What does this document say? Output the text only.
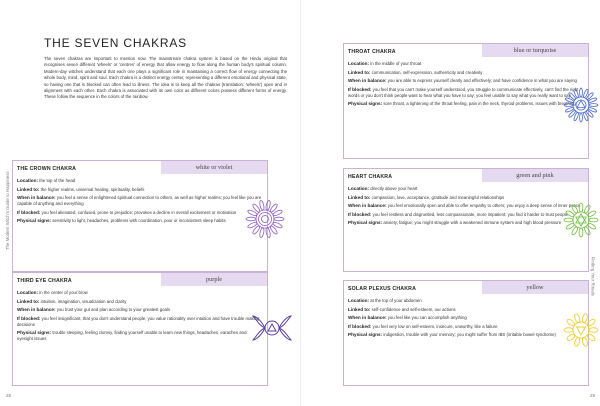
The Modern Witch's Guide to Happiness
28
THE SEVEN CHAKRAS

The seven chakras are important to mention now. The mainstream chakra system is based on the Hindu original that recognises seven different 'wheels' or 'centres' of energy that allow energy to flow along the human body's spiritual column. Modern-day witches understand that each one plays a significant role in maintaining a correct flow of energy connecting the whole body, mind, spirit and soul. Each chakra is a distinct energy center, representing a different emotional and physical state, so having one that is blocked can often lead to illness. The idea is to keep all the chakras (translation: 'wheels') open and in alignment with each other. Each chakra is associated with its own color as different colors possess different forms of energy. These follow the sequence in the colors of the rainbow.

THE CROWN CHAKRA	white or violet
Location: the top of the head
Linked to: the higher realms, universal healing, spirituality, beliefs
When in balance: you feel a sense of enlightened spiritual connection to others, as well as higher realms; you feel like you are capable of anything and everything
If blocked: you feel alienated, confused, prone to prejudice; provokes a decline in overall excitement or motivation
Physical signs: sensitivity to light, headaches, problems with coordination, poor or inconsistent sleep habits
THIRD EYE CHAKRA	purple
Location: in the center of your brow
Linked to: intuition, imagination, visualization and clarity
When in balance: you trust your gut and plan according to your greatest goals
If blocked: you feel insignificant, that you don't understand people, you value rationality over intuition and have trouble making decisions
Physical signs: trouble sleeping, feeling clumsy, finding yourself unable to learn new things, headaches, earaches and eyesight issues
Finding Your Rituals
29
THROAT CHAKRA	blue or turquoise
Location: in the middle of your throat
Linked to: communication, self-expression, authenticity and creativity
When in balance: you are able to express yourself clearly and effectively; and have confidence in what you are saying
If blocked: you feel that you can't make yourself understood, you struggle to communicate effectively, can't find the right words or you don't think people want to hear what you have to say; you feel unable to say what you really want to say
Physical signs: sore throat, a tightening of the throat feeling, pain in the neck, thyroid problems, issues with breathing
HEART CHAKRA	green and pink
Location: directly above your heart
Linked to: compassion, love, acceptance, gratitude and meaningful relationships
When in balance: you feel emotionally open and able to offer empathy to others; you enjoy a deep sense of inner peace
If blocked: you feel restless and disgruntled, less compassionate, more impatient; you find it harder to trust people
Physical signs: anxiety, fatigue; you might struggle with a weakened immune system and high blood pressure
SOLAR PLEXUS CHAKRA	yellow
Location: at the top of your abdomen
Linked to: self-confidence and self-esteem, our actions
When in balance: you feel like you can accomplish anything
If blocked: you feel very low on self-esteem, insecure, unworthy, like a failure
Physical signs: indigestion, trouble with your memory; you might suffer from IBS (irritable bowel syndrome)
